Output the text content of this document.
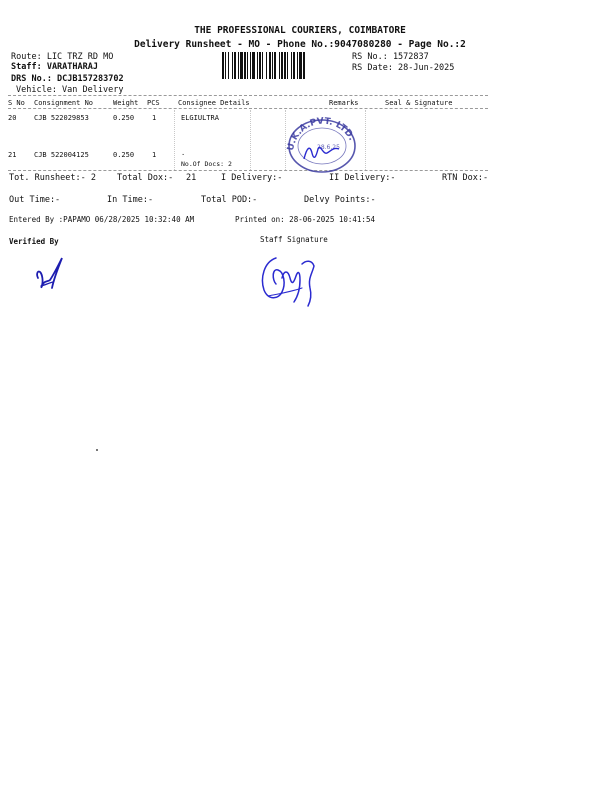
THE PROFESSIONAL COURIERS, COIMBATORE
Delivery Runsheet - MO - Phone No.:9047080280 - Page No.:2
Route: LIC TRZ RD MO
Staff: VARATHARAJ
DRS No.: DCJB157283702
Vehicle: Van Delivery
RS No.: 1572837
RS Date: 28-Jun-2025
S No Consignment No	Weight PCS	Consignee Details	Remarks	Seal & Signature
20	CJB 522029853	0.250	1	ELGIULTRA
21	CJB 522004125	0.250	1	.
No.Of Docs: 2
U.K.A.PVT. LTD.
28.6.25
Tot. Runsheet:- 2 Total Dox:- 21	I Delivery:-	II Delivery:-	RTN Dox:-
Out Time:-	In Time:-	Total POD:-	Delvy Points:-
Entered By :PAPAMO 06/28/2025 10:32:40 AM	Printed on: 28-06-2025 10:41:54
Verified By	Staff Signature
